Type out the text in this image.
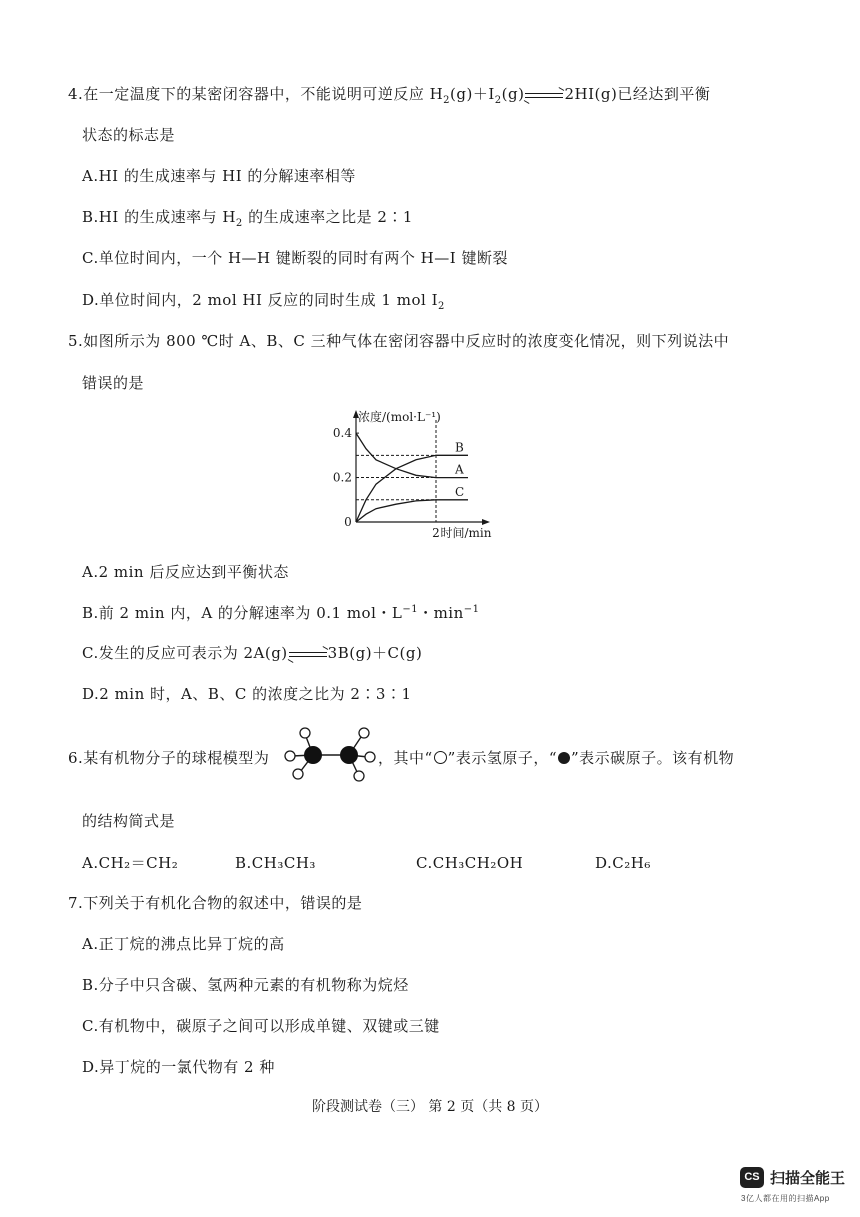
4.在一定温度下的某密闭容器中，不能说明可逆反应 $H_2(g)+I_2(g)$	2HI(g)已经达到平衡
状态的标志是
A.HI 的生成速率与 HI 的分解速率相等
B.HI 的生成速率与 $H_2$ 的生成速率之比是 2∶1
C.单位时间内，一个 H—H 键断裂的同时有两个 H—I 键断裂
D.单位时间内，2 mol HI 反应的同时生成 1 mol $I_2$
5.如图所示为 800 ℃时 A、B、C 三种气体在密闭容器中反应时的浓度变化情况，则下列说法中
错误的是
浓度/(mol·L⁻¹)
时间/min
0.4
0.2
0
2
B
A
C
A.2 min 后反应达到平衡状态
B.前 2 min 内，A 的分解速率为 0.1 mol・$L^{-1}$・$\min^{-1}$
C.发生的反应可表示为 2A(g)	3B(g)＋C(g)
D.2 min 时，A、B、C 的浓度之比为 2∶3∶1
6.某有机物分子的球棍模型为	，其中“ ”表示氢原子，“ ”表示碳原子。该有机物
的结构简式是
A.CH₂＝CH₂	B.CH₃CH₃	C.CH₃CH₂OH	D.C₂H₆
7.下列关于有机化合物的叙述中，错误的是
A.正丁烷的沸点比异丁烷的高
B.分子中只含碳、氢两种元素的有机物称为烷烃
C.有机物中，碳原子之间可以形成单键、双键或三键
D.异丁烷的一氯代物有 2 种
阶段测试卷（三） 第 2 页（共 8 页）
CS 扫描全能王
3亿人都在用的扫描App
